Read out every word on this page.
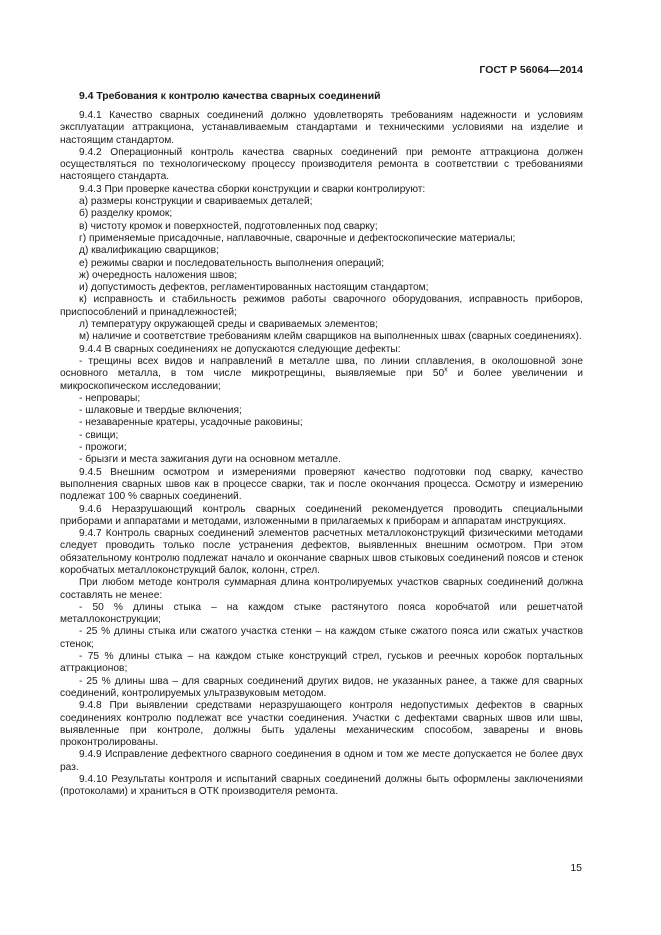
ГОСТ Р 56064—2014
9.4 Требования к контролю качества сварных соединений

9.4.1 Качество сварных соединений должно удовлетворять требованиям надежности и условиям эксплуатации аттракциона, устанавливаемым стандартами и техническими условиями на изделие и настоящим стандартом.

9.4.2 Операционный контроль качества сварных соединений при ремонте аттракциона должен осуществляться по технологическому процессу производителя ремонта в соответствии с требованиями настоящего стандарта.

9.4.3 При проверке качества сборки конструкции и сварки контролируют:

а) размеры конструкции и свариваемых деталей;

б) разделку кромок;

в) чистоту кромок и поверхностей, подготовленных под сварку;

г) применяемые присадочные, наплавочные, сварочные и дефектоскопические материалы;

д) квалификацию сварщиков;

е) режимы сварки и последовательность выполнения операций;

ж) очередность наложения швов;

и) допустимость дефектов, регламентированных настоящим стандартом;

к) исправность и стабильность режимов работы сварочного оборудования, исправность приборов, приспособлений и принадлежностей;

л) температуру окружающей среды и свариваемых элементов;

м) наличие и соответствие требованиям клейм сварщиков на выполненных швах (сварных соединениях).

9.4.4 В сварных соединениях не допускаются следующие дефекты:

- трещины всех видов и направлений в металле шва, по линии сплавления, в околошовной зоне основного металла, в том числе микротрещины, выявляемые при 50$^x$ и более увеличении и микроскопическом исследовании;

- непровары;

- шлаковые и твердые включения;

- незаваренные кратеры, усадочные раковины;

- свищи;

- прожоги;

- брызги и места зажигания дуги на основном металле.

9.4.5 Внешним осмотром и измерениями проверяют качество подготовки под сварку, качество выполнения сварных швов как в процессе сварки, так и после окончания процесса. Осмотру и измерению подлежат 100 % сварных соединений.

9.4.6 Неразрушающий контроль сварных соединений рекомендуется проводить специальными приборами и аппаратами и методами, изложенными в прилагаемых к приборам и аппаратам инструкциях.

9.4.7 Контроль сварных соединений элементов расчетных металлоконструкций физическими методами следует проводить только после устранения дефектов, выявленных внешним осмотром. При этом обязательному контролю подлежат начало и окончание сварных швов стыковых соединений поясов и стенок коробчатых металлоконструкций балок, колонн, стрел.

При любом методе контроля суммарная длина контролируемых участков сварных соединений должна составлять не менее:

- 50 % длины стыка – на каждом стыке растянутого пояса коробчатой или решетчатой металлоконструкции;

- 25 % длины стыка или сжатого участка стенки – на каждом стыке сжатого пояса или сжатых участков стенок;

- 75 % длины стыка – на каждом стыке конструкций стрел, гуськов и реечных коробок портальных аттракционов;

- 25 % длины шва – для сварных соединений других видов, не указанных ранее, а также для сварных соединений, контролируемых ультразвуковым методом.

9.4.8 При выявлении средствами неразрушающего контроля недопустимых дефектов в сварных соединениях контролю подлежат все участки соединения. Участки с дефектами сварных швов или швы, выявленные при контроле, должны быть удалены механическим способом, заварены и вновь проконтролированы.

9.4.9 Исправление дефектного сварного соединения в одном и том же месте допускается не более двух раз.

9.4.10 Результаты контроля и испытаний сварных соединений должны быть оформлены заключениями (протоколами) и храниться в ОТК производителя ремонта.

15
